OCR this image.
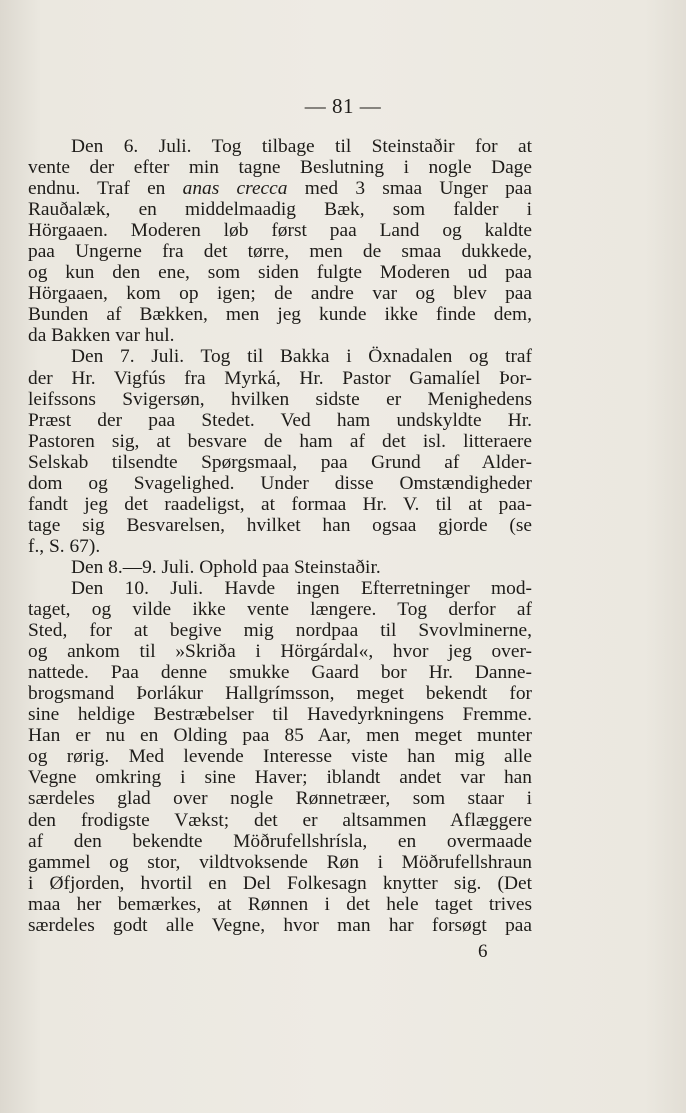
— 81 —
Den 6. Juli. Tog tilbage til Steinstaðir for at
vente der efter min tagne Beslutning i nogle Dage
endnu. Traf en anas crecca med 3 smaa Unger paa
Rauðalæk, en middelmaadig Bæk, som falder i
Hörgaaen. Moderen løb først paa Land og kaldte
paa Ungerne fra det tørre, men de smaa dukkede,
og kun den ene, som siden fulgte Moderen ud paa
Hörgaaen, kom op igen; de andre var og blev paa
Bunden af Bækken, men jeg kunde ikke finde dem,
da Bakken var hul.
Den 7. Juli. Tog til Bakka i Öxnadalen og traf
der Hr. Vigfús fra Myrká, Hr. Pastor Gamalíel Þor-
leifssons Svigersøn, hvilken sidste er Menighedens
Præst der paa Stedet. Ved ham undskyldte Hr.
Pastoren sig, at besvare de ham af det isl. litteraere
Selskab tilsendte Spørgsmaal, paa Grund af Alder-
dom og Svagelighed. Under disse Omstændigheder
fandt jeg det raadeligst, at formaa Hr. V. til at paa-
tage sig Besvarelsen, hvilket han ogsaa gjorde (se
f., S. 67).
Den 8.—9. Juli. Ophold paa Steinstaðir.
Den 10. Juli. Havde ingen Efterretninger mod-
taget, og vilde ikke vente længere. Tog derfor af
Sted, for at begive mig nordpaa til Svovlminerne,
og ankom til »Skriða i Hörgárdal«, hvor jeg over-
nattede. Paa denne smukke Gaard bor Hr. Danne-
brogsmand Þorlákur Hallgrímsson, meget bekendt for
sine heldige Bestræbelser til Havedyrkningens Fremme.
Han er nu en Olding paa 85 Aar, men meget munter
og rørig. Med levende Interesse viste han mig alle
Vegne omkring i sine Haver; iblandt andet var han
særdeles glad over nogle Rønnetræer, som staar i
den frodigste Vækst; det er altsammen Aflæggere
af den bekendte Möðrufellshrísla, en overmaade
gammel og stor, vildtvoksende Røn i Möðrufellshraun
i Øfjorden, hvortil en Del Folkesagn knytter sig. (Det
maa her bemærkes, at Rønnen i det hele taget trives
særdeles godt alle Vegne, hvor man har forsøgt paa
6
